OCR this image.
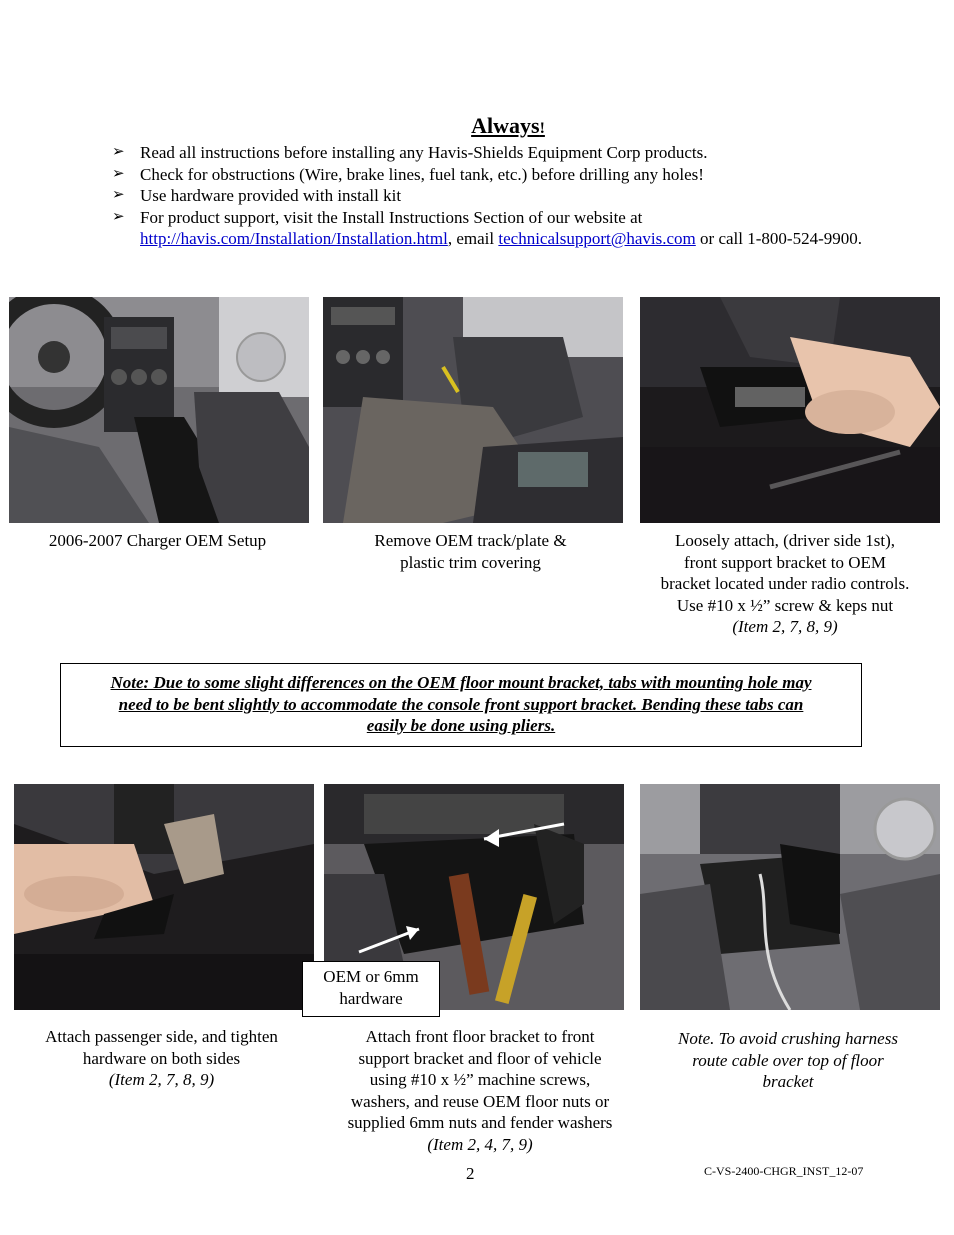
Always!
➢ Read all instructions before installing any Havis-Shields Equipment Corp products.
➢ Check for obstructions (Wire, brake lines, fuel tank, etc.) before drilling any holes!
➢ Use hardware provided with install kit
➢ For product support, visit the Install Instructions Section of our website at
http://havis.com/Installation/Installation.html, email technicalsupport@havis.com or call 1-800-524-9900.
2006-2007 Charger OEM Setup	Remove OEM track/plate &
plastic trim covering
Loosely attach, (driver side 1st),
front support bracket to OEM
bracket located under radio controls.
Use #10 x ½” screw & keps nut
(Item 2, 7, 8, 9)
Note: Due to some slight differences on the OEM floor mount bracket, tabs with mounting hole may
need to be bent slightly to accommodate the console front support bracket. Bending these tabs can
easily be done using pliers.
OEM or 6mm
hardware
Attach passenger side, and tighten
hardware on both sides
(Item 2, 7, 8, 9)
Attach front floor bracket to front
support bracket and floor of vehicle
using #10 x ½” machine screws,
washers, and reuse OEM floor nuts or
supplied 6mm nuts and fender washers
(Item 2, 4, 7, 9)
Note. To avoid crushing harness
route cable over top of floor
bracket
2	C-VS-2400-CHGR_INST_12-07
